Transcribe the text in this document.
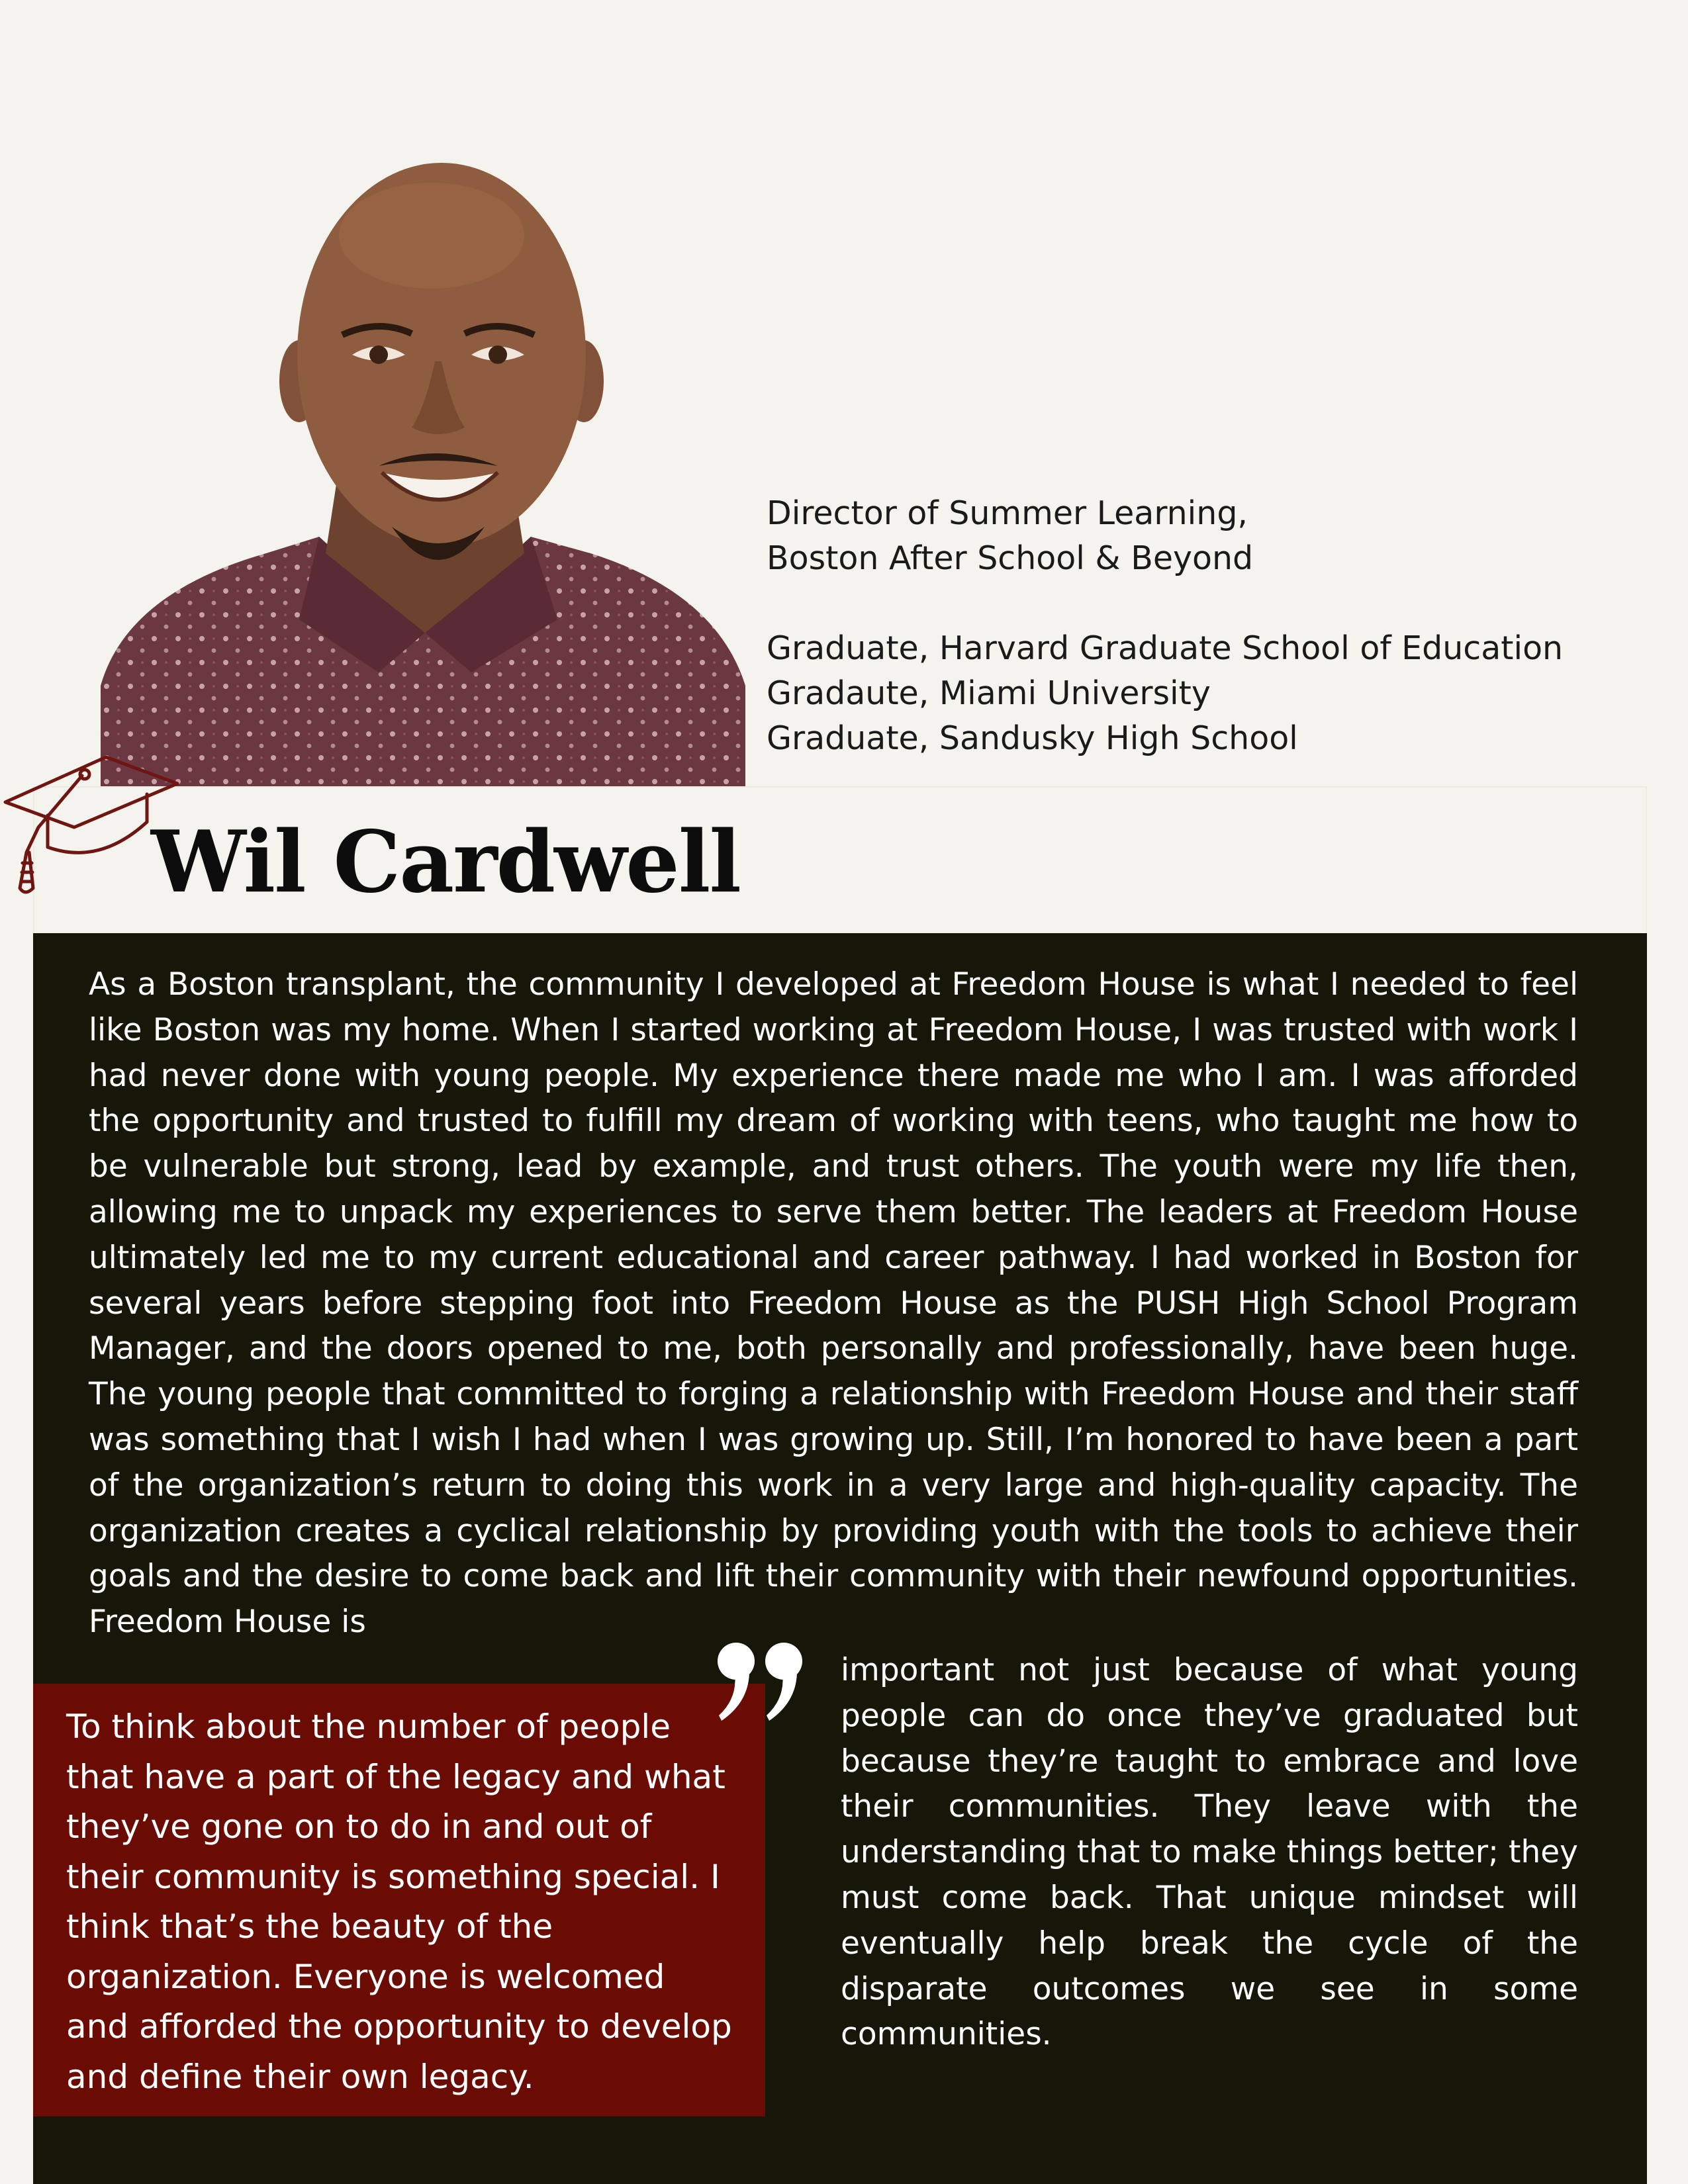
Director of Summer Learning,
Boston After School & Beyond
Graduate, Harvard Graduate School of Education
Gradaute, Miami University
Graduate, Sandusky High School
Wil Cardwell

As a Boston transplant, the community I developed at Freedom House is what I needed to feel like Boston was my home. When I started working at Freedom House, I was trusted with work I had never done with young people. My experience there made me who I am. I was afforded the opportunity and trusted to fulfill my dream of working with teens, who taught me how to be vulnerable but strong, lead by example, and trust others. The youth were my life then, allowing me to unpack my experiences to serve them better. The leaders at Freedom House ultimately led me to my current educational and career pathway. I had worked in Boston for several years before stepping foot into Freedom House as the PUSH High School Program Manager, and the doors opened to me, both personally and professionally, have been huge. The young people that committed to forging a relationship with Freedom House and their staff was something that I wish I had when I was growing up. Still, I’m honored to have been a part of the organization’s return to doing this work in a very large and high-quality capacity. The organization creates a cyclical relationship by providing youth with the tools to achieve their goals and the desire to come back and lift their community with their newfound opportunities. Freedom House is

important not just because of what young people can do once they’ve graduated but because they’re taught to embrace and love their communities. They leave with the understanding that to make things better; they must come back. That unique mindset will eventually help break the cycle of the disparate outcomes we see in some communities.

To think about the number of people that have a part of the legacy and what they’ve gone on to do in and out of their community is something special. I think that’s the beauty of the organization. Everyone is welcomed and afforded the opportunity to develop and define their own legacy.
